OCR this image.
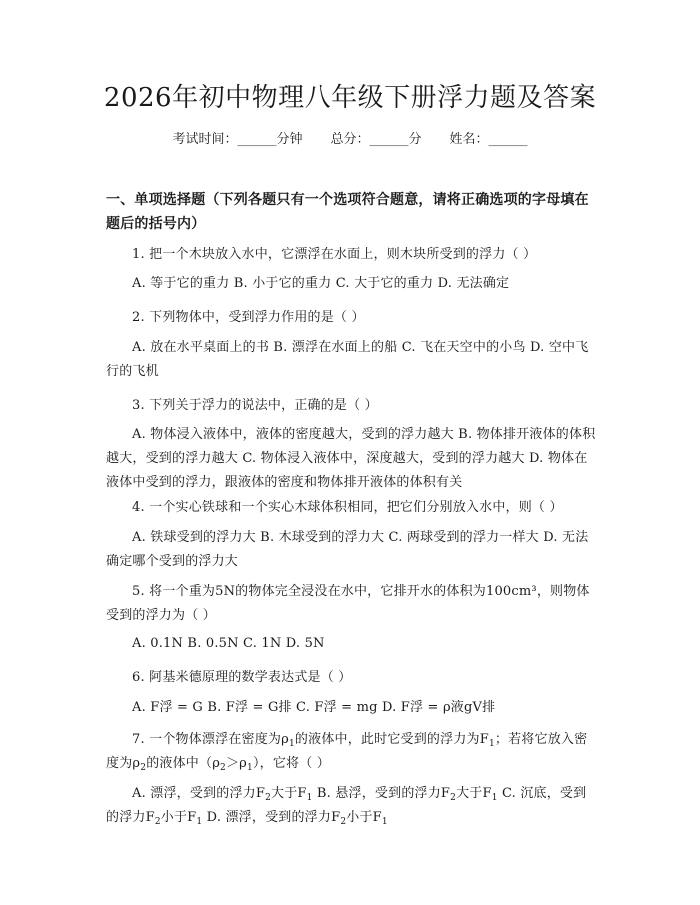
2026年初中物理八年级下册浮力题及答案
考试时间：______分钟 总分：______分 姓名：______
一、单项选择题（下列各题只有一个选项符合题意，请将正确选项的字母填在题后的括号内）
1. 把一个木块放入水中，它漂浮在水面上，则木块所受到的浮力（ ）
A. 等于它的重力 B. 小于它的重力 C. 大于它的重力 D. 无法确定
2. 下列物体中，受到浮力作用的是（ ）
A. 放在水平桌面上的书 B. 漂浮在水面上的船 C. 飞在天空中的小鸟 D. 空中飞行的飞机
3. 下列关于浮力的说法中，正确的是（ ）
A. 物体浸入液体中，液体的密度越大，受到的浮力越大 B. 物体排开液体的体积越大，受到的浮力越大 C. 物体浸入液体中，深度越大，受到的浮力越大 D. 物体在液体中受到的浮力，跟液体的密度和物体排开液体的体积有关
4. 一个实心铁球和一个实心木球体积相同，把它们分别放入水中，则（ ）
A. 铁球受到的浮力大 B. 木球受到的浮力大 C. 两球受到的浮力一样大 D. 无法确定哪个受到的浮力大
5. 将一个重为5N的物体完全浸没在水中，它排开水的体积为100cm³，则物体受到的浮力为（ ）
A. 0.1N B. 0.5N C. 1N D. 5N
6. 阿基米德原理的数学表达式是（ ）
A. F浮 = G B. F浮 = G排 C. F浮 = mg D. F浮 = ρ液gV排
7. 一个物体漂浮在密度为$\rho_1$的液体中，此时它受到的浮力为$F_1$；若将它放入密度为$\rho_2$的液体中$(\rho_2>\rho_1)$，它将（ ）
A. 漂浮，受到的浮力$F_2$大于$F_1$ B. 悬浮，受到的浮力$F_2$大于$F_1$ C. 沉底，受到的浮力$F_2$小于$F_1$ D. 漂浮，受到的浮力$F_2$小于$F_1$
